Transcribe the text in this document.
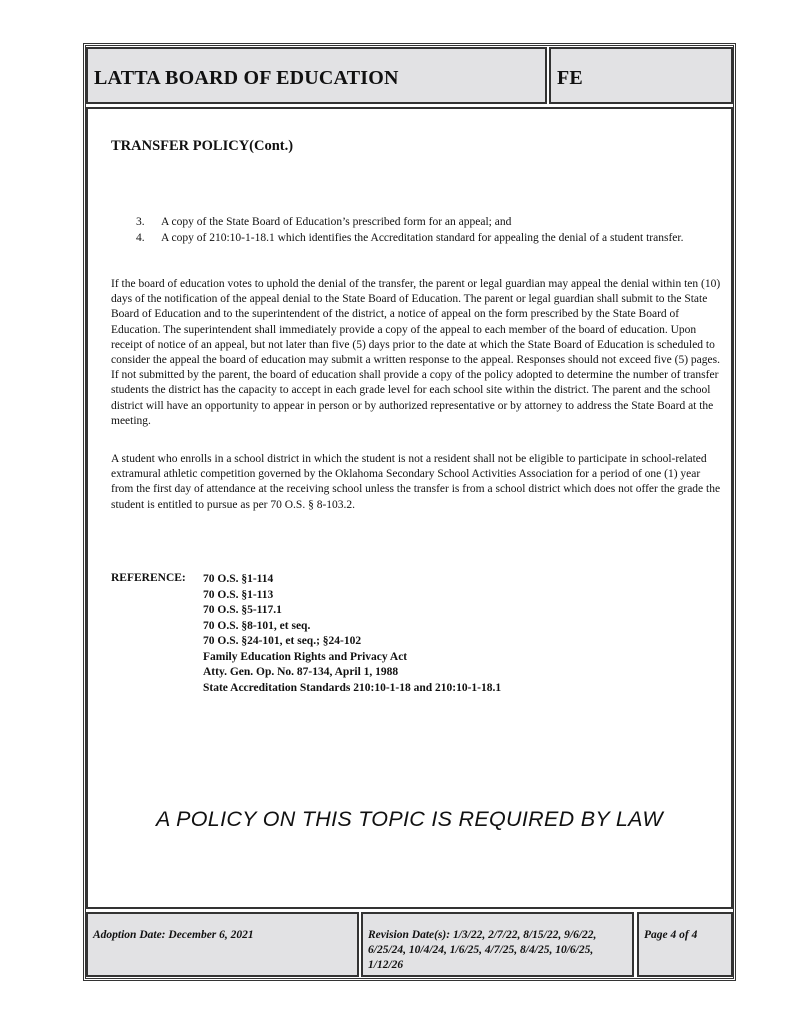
LATTA BOARD OF EDUCATION	FE
TRANSFER POLICY(Cont.)
3.	A copy of the State Board of Education’s prescribed form for an appeal; and
4.	A copy of 210:10-1-18.1 which identifies the Accreditation standard for appealing the denial of a student transfer.
If the board of education votes to uphold the denial of the transfer, the parent or legal guardian may appeal the denial within ten (10) days of the notification of the appeal denial to the State Board of Education. The parent or legal guardian shall submit to the State Board of Education and to the superintendent of the district, a notice of appeal on the form prescribed by the State Board of Education. The superintendent shall immediately provide a copy of the appeal to each member of the board of education. Upon receipt of notice of an appeal, but not later than five (5) days prior to the date at which the State Board of Education is scheduled to consider the appeal the board of education may submit a written response to the appeal. Responses should not exceed five (5) pages. If not submitted by the parent, the board of education shall provide a copy of the policy adopted to determine the number of transfer students the district has the capacity to accept in each grade level for each school site within the district. The parent and the school district will have an opportunity to appear in person or by authorized representative or by attorney to address the State Board at the meeting.
A student who enrolls in a school district in which the student is not a resident shall not be eligible to participate in school-related extramural athletic competition governed by the Oklahoma Secondary School Activities Association for a period of one (1) year from the first day of attendance at the receiving school unless the transfer is from a school district which does not offer the grade the student is entitled to pursue as per 70 O.S. § 8-103.2.
REFERENCE: 70 O.S. §1-114
70 O.S. §1-113
70 O.S. §5-117.1
70 O.S. §8-101, et seq.
70 O.S. §24-101, et seq.; §24-102
Family Education Rights and Privacy Act
Atty. Gen. Op. No. 87-134, April 1, 1988
State Accreditation Standards 210:10-1-18 and 210:10-1-18.1
A POLICY ON THIS TOPIC IS REQUIRED BY LAW
Adoption Date: December 6, 2021	Revision Date(s): 1/3/22, 2/7/22, 8/15/22, 9/6/22, 6/25/24, 10/4/24, 1/6/25, 4/7/25, 8/4/25, 10/6/25, 1/12/26
Page 4 of 4
